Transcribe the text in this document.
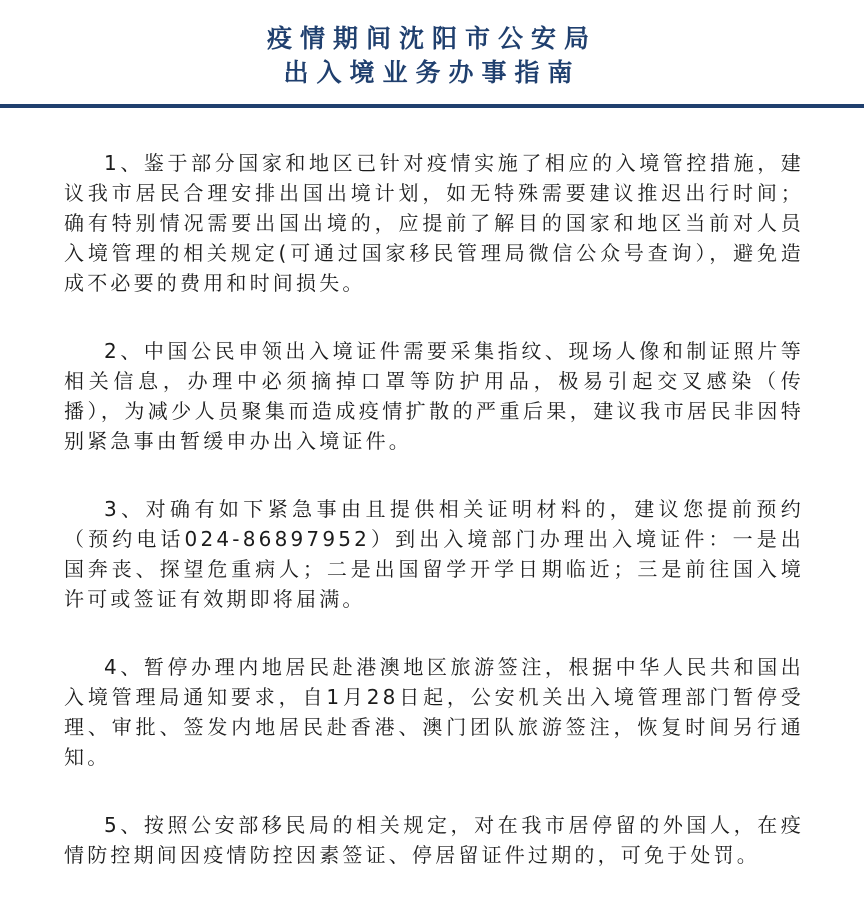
疫情期间沈阳市公安局
出入境业务办事指南

1、鉴于部分国家和地区已针对疫情实施了相应的入境管控措施，建议我市居民合理安排出国出境计划，如无特殊需要建议推迟出行时间；确有特别情况需要出国出境的，应提前了解目的国家和地区当前对人员入境管理的相关规定(可通过国家移民管理局微信公众号查询），避免造成不必要的费用和时间损失。

2、中国公民申领出入境证件需要采集指纹、现场人像和制证照片等相关信息，办理中必须摘掉口罩等防护用品，极易引起交叉感染（传播），为减少人员聚集而造成疫情扩散的严重后果，建议我市居民非因特别紧急事由暂缓申办出入境证件。

3、对确有如下紧急事由且提供相关证明材料的，建议您提前预约（预约电话024-86897952）到出入境部门办理出入境证件：一是出国奔丧、探望危重病人；二是出国留学开学日期临近；三是前往国入境许可或签证有效期即将届满。

4、暂停办理内地居民赴港澳地区旅游签注，根据中华人民共和国出入境管理局通知要求，自1月28日起，公安机关出入境管理部门暂停受理、审批、签发内地居民赴香港、澳门团队旅游签注，恢复时间另行通知。

5、按照公安部移民局的相关规定，对在我市居停留的外国人，在疫情防控期间因疫情防控因素签证、停居留证件过期的，可免于处罚。
